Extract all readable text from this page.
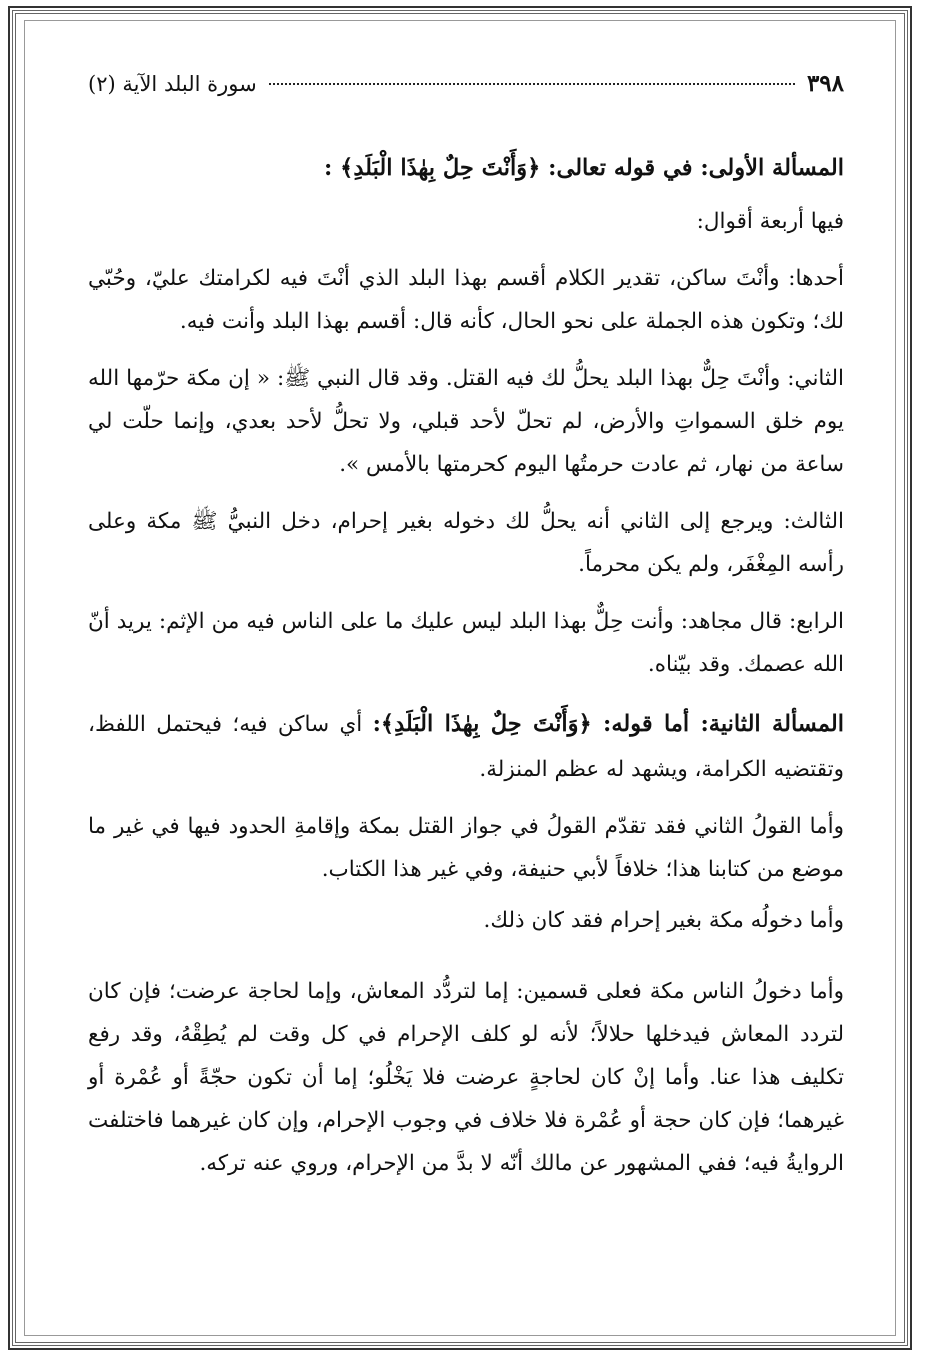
٣٩٨
سورة البلد الآية (٢)

المسألة الأولى: في قوله تعالى: ﴿وَأَنْتَ حِلٌ بِهٰذَا الْبَلَدِ﴾ :

فيها أربعة أقوال:

أحدها: وأنْتَ ساكن، تقدير الكلام أقسم بهذا البلد الذي أنْتَ فيه لكرامتك عليّ، وحُبّي لك؛ وتكون هذه الجملة على نحو الحال، كأنه قال: أقسم بهذا البلد وأنت فيه.

الثاني: وأنْتَ حِلٌّ بهذا البلد يحلُّ لك فيه القتل. وقد قال النبي ﷺ: « إن مكة حرّمها الله يوم خلق السمواتِ والأرض، لم تحلّ لأحد قبلي، ولا تحلُّ لأحد بعدي، وإنما حلّت لي ساعة من نهار، ثم عادت حرمتُها اليوم كحرمتها بالأمس ».

الثالث: ويرجع إلى الثاني أنه يحلُّ لك دخوله بغير إحرام، دخل النبيُّ ﷺ مكة وعلى رأسه المِغْفَر، ولم يكن محرماً.

الرابع: قال مجاهد: وأنت حِلٌّ بهذا البلد ليس عليك ما على الناس فيه من الإثم: يريد أنّ الله عصمك. وقد بيّناه.

المسألة الثانية: أما قوله: ﴿وَأَنْتَ حِلٌ بِهٰذَا الْبَلَدِ﴾: أي ساكن فيه؛ فيحتمل اللفظ، وتقتضيه الكرامة، ويشهد له عظم المنزلة.

وأما القولُ الثاني فقد تقدّم القولُ في جواز القتل بمكة وإقامةِ الحدود فيها في غير ما موضع من كتابنا هذا؛ خلافاً لأبي حنيفة، وفي غير هذا الكتاب.

وأما دخولُه مكة بغير إحرام فقد كان ذلك.

وأما دخولُ الناس مكة فعلى قسمين: إما لتردُّد المعاش، وإما لحاجة عرضت؛ فإن كان لتردد المعاش فيدخلها حلالاً؛ لأنه لو كلف الإحرام في كل وقت لم يُطِقْهُ، وقد رفع تكليف هذا عنا. وأما إنْ كان لحاجةٍ عرضت فلا يَخْلُو؛ إما أن تكون حجّةً أو عُمْرة أو غيرهما؛ فإن كان حجة أو عُمْرة فلا خلاف في وجوب الإحرام، وإن كان غيرهما فاختلفت الروايةُ فيه؛ ففي المشهور عن مالك أنّه لا بدَّ من الإحرام، وروي عنه تركه.
